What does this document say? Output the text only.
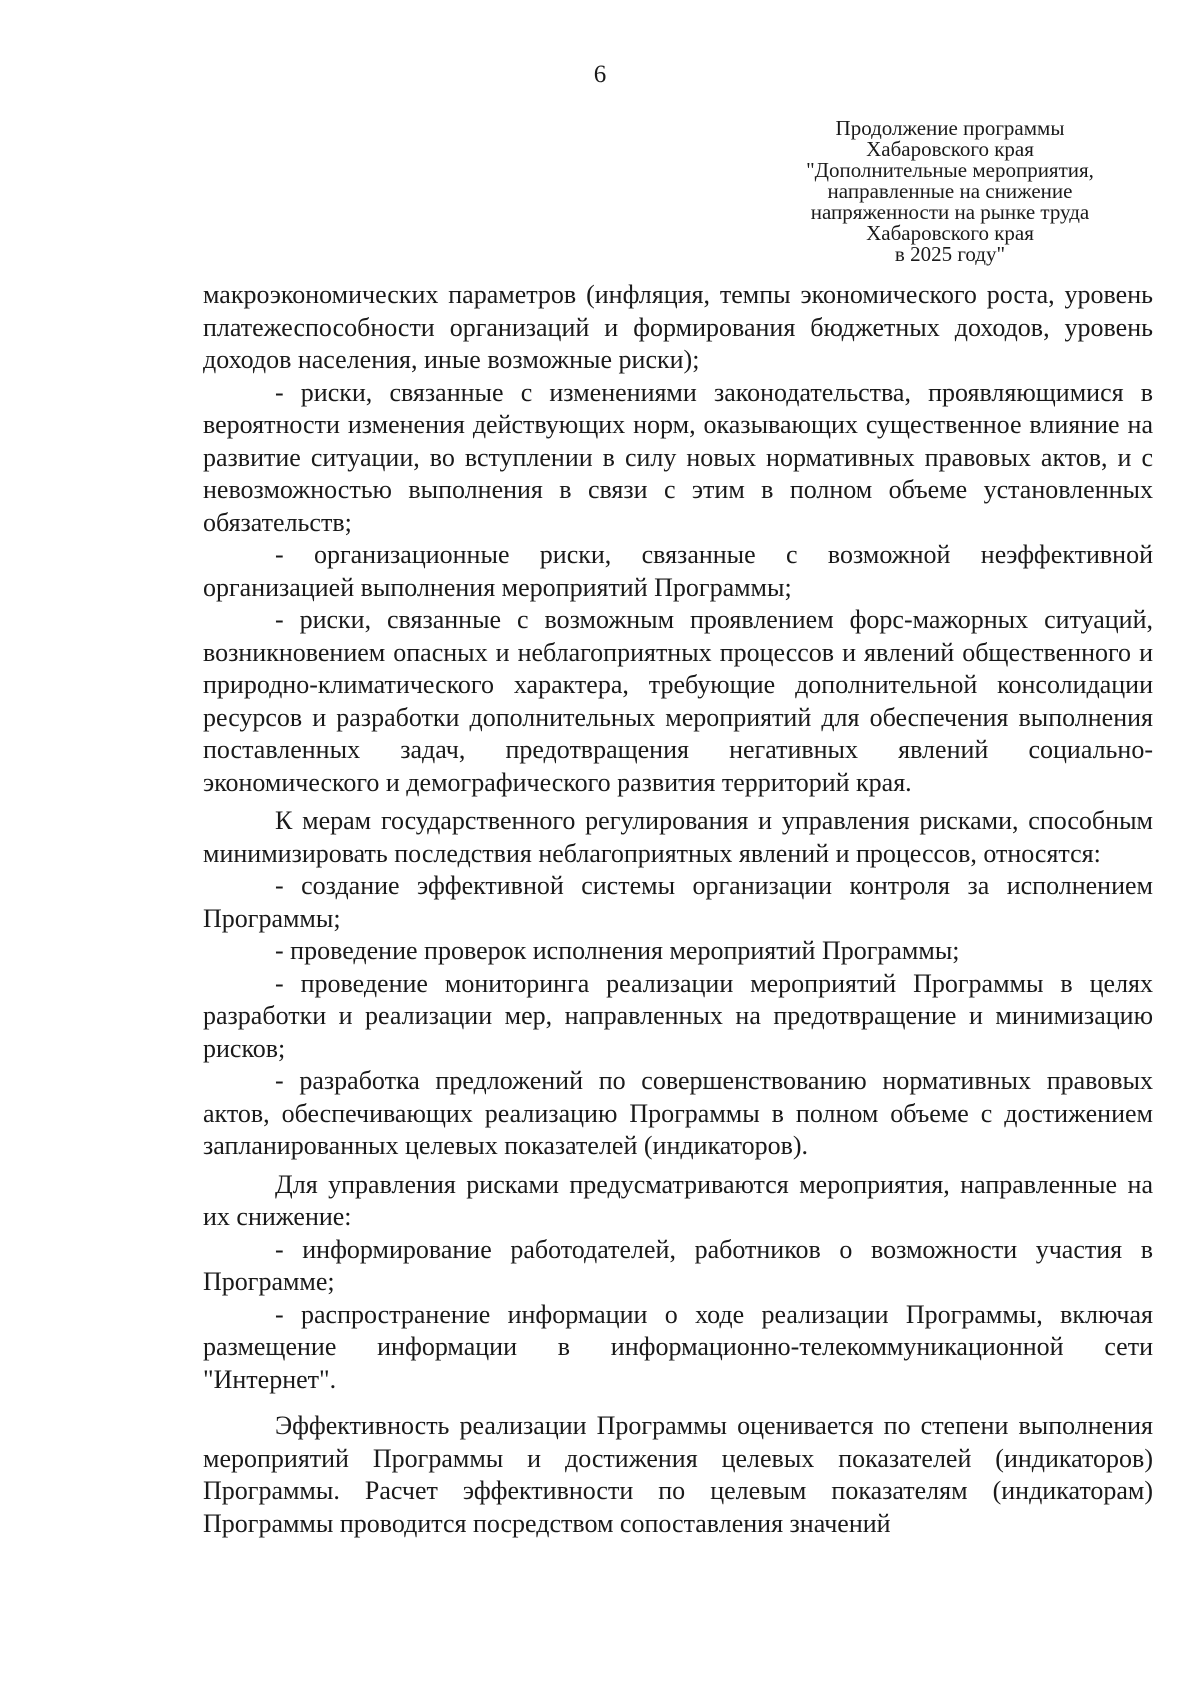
6
Продолжение программы
Хабаровского края
"Дополнительные мероприятия,
направленные на снижение
напряженности на рынке труда
Хабаровского края
в 2025 году"

макроэкономических параметров (инфляция, темпы экономического роста, уровень платежеспособности организаций и формирования бюджетных доходов, уровень доходов населения, иные возможные риски);

- риски, связанные с изменениями законодательства, проявляющимися в вероятности изменения действующих норм, оказывающих существенное влияние на развитие ситуации, во вступлении в силу новых нормативных правовых актов, и с невозможностью выполнения в связи с этим в полном объеме установленных обязательств;

- организационные риски, связанные с возможной неэффективной организацией выполнения мероприятий Программы;

- риски, связанные с возможным проявлением форс-мажорных ситуаций, возникновением опасных и неблагоприятных процессов и явлений общественного и природно-климатического характера, требующие дополнительной консолидации ресурсов и разработки дополнительных мероприятий для обеспечения выполнения поставленных задач, предотвращения негативных явлений социально-экономического и демографического развития территорий края.

К мерам государственного регулирования и управления рисками, способным минимизировать последствия неблагоприятных явлений и процессов, относятся:

- создание эффективной системы организации контроля за исполнением Программы;

- проведение проверок исполнения мероприятий Программы;

- проведение мониторинга реализации мероприятий Программы в целях разработки и реализации мер, направленных на предотвращение и минимизацию рисков;

- разработка предложений по совершенствованию нормативных правовых актов, обеспечивающих реализацию Программы в полном объеме с достижением запланированных целевых показателей (индикаторов).

Для управления рисками предусматриваются мероприятия, направленные на их снижение:

- информирование работодателей, работников о возможности участия в Программе;

- распространение информации о ходе реализации Программы, включая размещение информации в информационно-телекоммуникационной сети "Интернет".

Эффективность реализации Программы оценивается по степени выполнения мероприятий Программы и достижения целевых показателей (индикаторов) Программы. Расчет эффективности по целевым показателям (индикаторам) Программы проводится посредством сопоставления значений
